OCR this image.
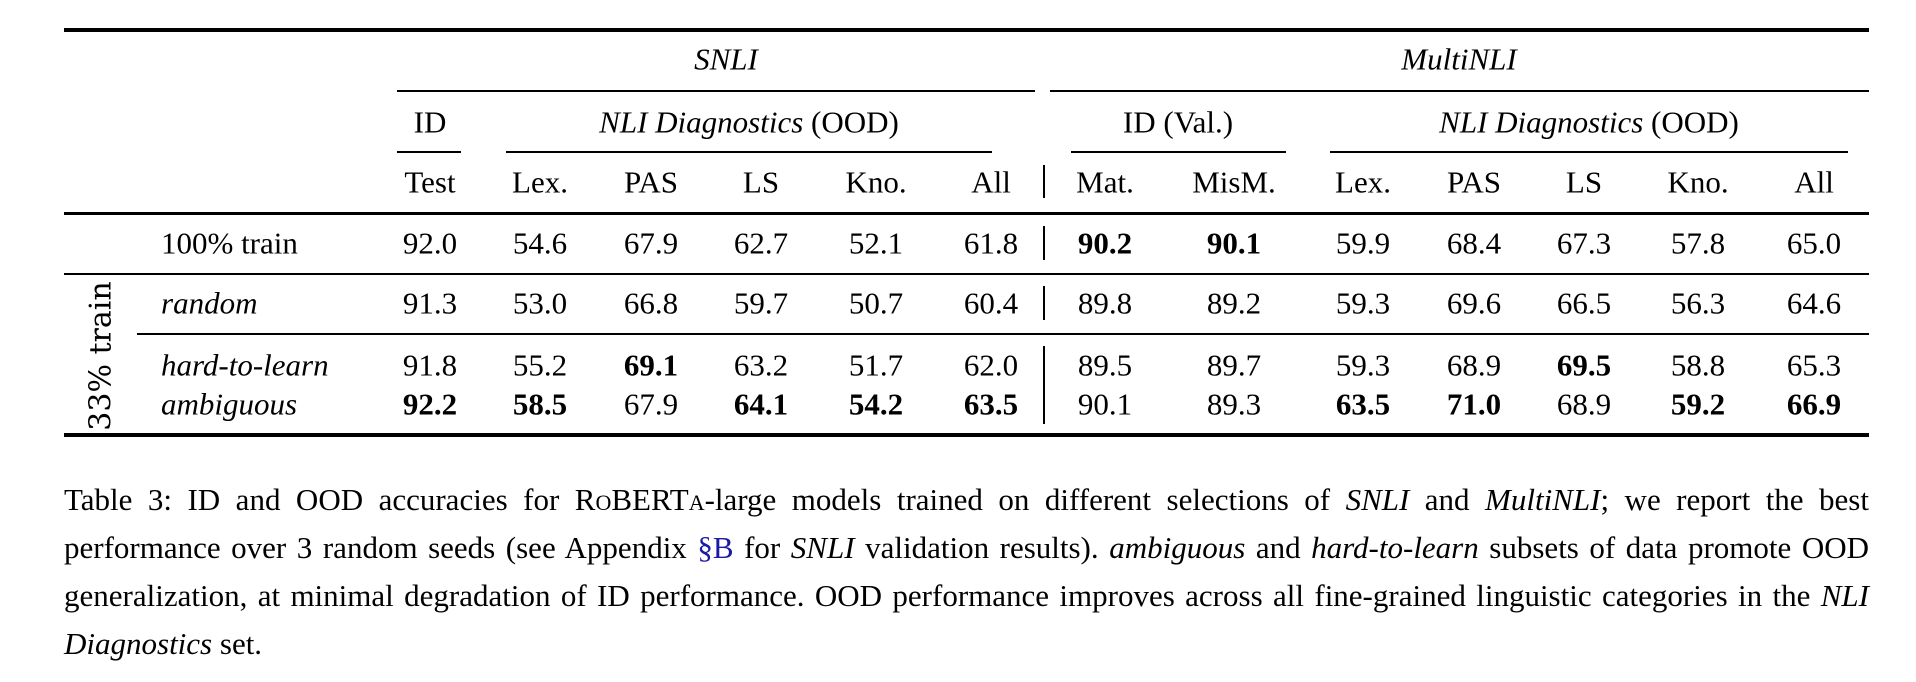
SNLI	MultiNLI
ID	NLI Diagnostics (OOD)	ID (Val.)	NLI Diagnostics (OOD)
Test Lex. PAS LS Kno. All Mat. MisM. Lex. PAS LS Kno. All
100% train	92.0 54.6 67.9 62.7 52.1 61.8 90.2 90.1 59.9 68.4 67.3 57.8 65.0
random	91.3 53.0 66.8 59.7 50.7 60.4 89.8 89.2 59.3 69.6 66.5 56.3 64.6
hard-to-learn 91.8 55.2 69.1 63.2 51.7 62.0 89.5 89.7 59.3 68.9 69.5 58.8 65.3
ambiguous	92.2 58.5 67.9 64.1 54.2 63.5 90.1 89.3 63.5 71.0 68.9 59.2 66.9
33% train
Table 3: ID and OOD accuracies for RoBERTa-large models trained on different selections of SNLI and MultiNLI; we report the best performance over 3 random seeds (see Appendix §B for SNLI validation results). ambiguous and hard-to-learn subsets of data promote OOD generalization, at minimal degradation of ID performance. OOD performance improves across all fine-grained linguistic categories in the NLI Diagnostics set.
